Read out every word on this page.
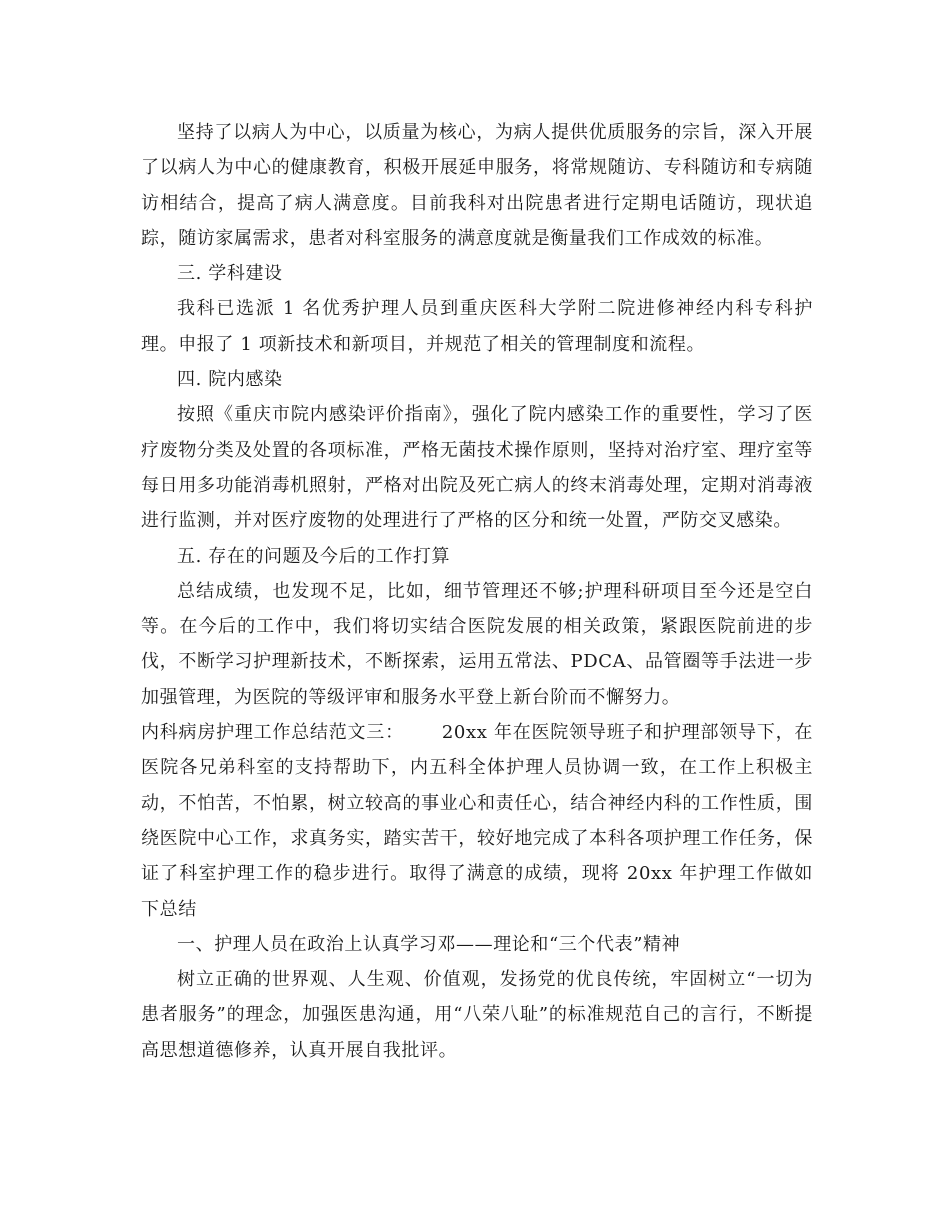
坚持了以病人为中心，以质量为核心，为病人提供优质服务的宗旨，深入开展了以病人为中心的健康教育，积极开展延申服务，将常规随访、专科随访和专病随访相结合，提高了病人满意度。目前我科对出院患者进行定期电话随访，现状追踪，随访家属需求，患者对科室服务的满意度就是衡量我们工作成效的标准。

三. 学科建设

我科已选派 1 名优秀护理人员到重庆医科大学附二院进修神经内科专科护理。申报了 1 项新技术和新项目，并规范了相关的管理制度和流程。

四. 院内感染

按照《重庆市院内感染评价指南》，强化了院内感染工作的重要性，学习了医疗废物分类及处置的各项标准，严格无菌技术操作原则，坚持对治疗室、理疗室等每日用多功能消毒机照射，严格对出院及死亡病人的终末消毒处理，定期对消毒液进行监测，并对医疗废物的处理进行了严格的区分和统一处置，严防交叉感染。

五. 存在的问题及今后的工作打算

总结成绩，也发现不足，比如，细节管理还不够;护理科研项目至今还是空白等。在今后的工作中，我们将切实结合医院发展的相关政策，紧跟医院前进的步伐，不断学习护理新技术，不断探索，运用五常法、PDCA、品管圈等手法进一步加强管理，为医院的等级评审和服务水平登上新台阶而不懈努力。

内科病房护理工作总结范文三： 20xx 年在医院领导班子和护理部领导下，在医院各兄弟科室的支持帮助下，内五科全体护理人员协调一致，在工作上积极主动，不怕苦，不怕累，树立较高的事业心和责任心，结合神经内科的工作性质，围绕医院中心工作，求真务实，踏实苦干，较好地完成了本科各项护理工作任务，保证了科室护理工作的稳步进行。取得了满意的成绩，现将 20xx 年护理工作做如下总结

一、护理人员在政治上认真学习邓——理论和“三个代表”精神

树立正确的世界观、人生观、价值观，发扬党的优良传统，牢固树立“一切为患者服务”的理念，加强医患沟通，用“八荣八耻”的标准规范自己的言行，不断提高思想道德修养，认真开展自我批评。
